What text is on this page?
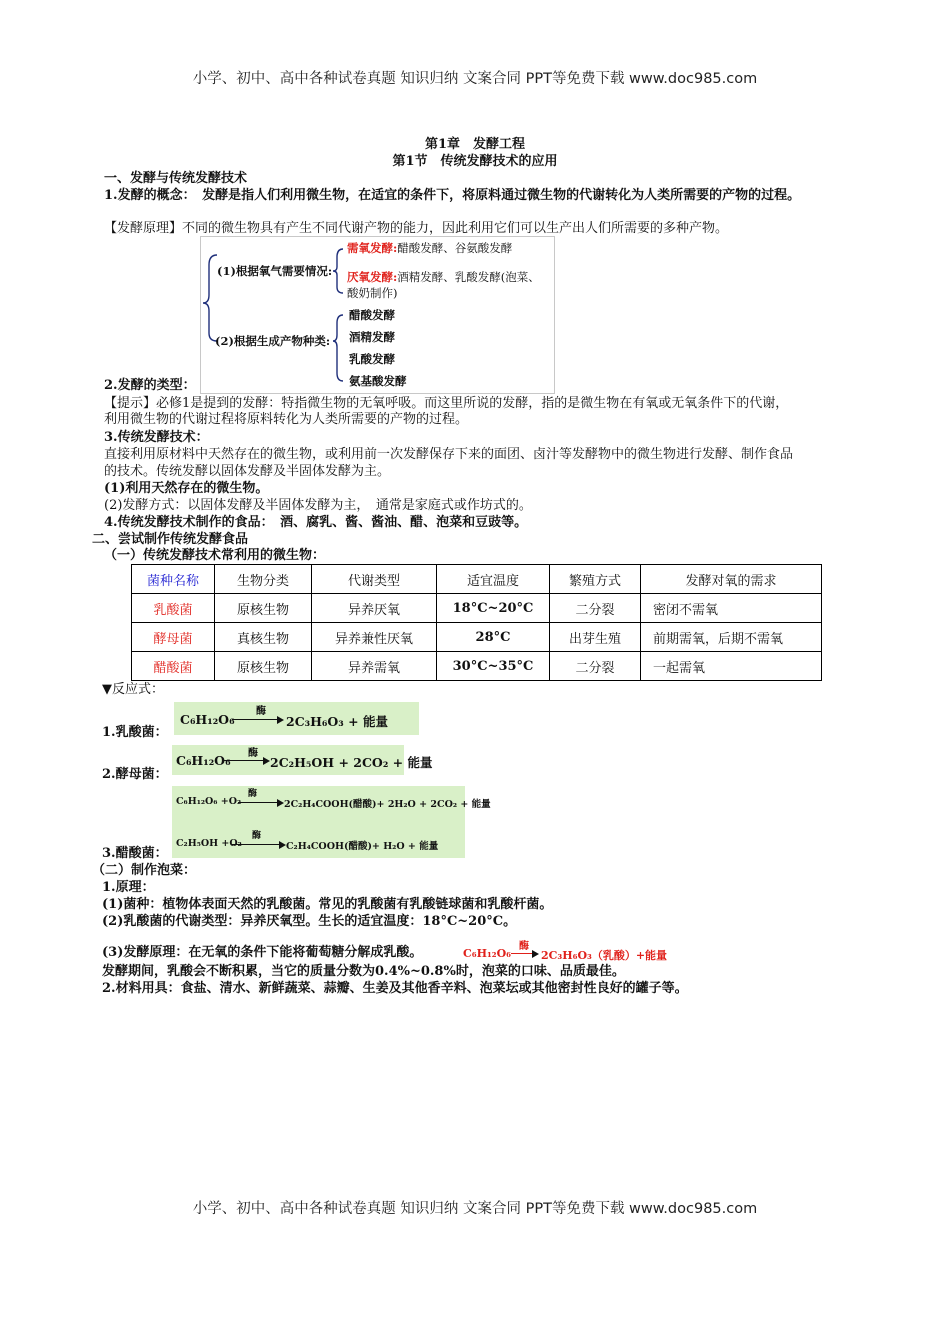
小学、初中、高中各种试卷真题 知识归纳 文案合同 PPT等免费下载 www.doc985.com
第1章　发酵工程
第1节　传统发酵技术的应用
一、发酵与传统发酵技术
1.发酵的概念：　发酵是指人们利用微生物，在适宜的条件下，将原料通过微生物的代谢转化为人类所需要的产物的过程。
【发酵原理】不同的微生物具有产生不同代谢产物的能力，因此利用它们可以生产出人们所需要的多种产物。
(1)根据氧气需要情况:
需氧发酵:醋酸发酵、谷氨酸发酵
厌氧发酵:酒精发酵、乳酸发酵(泡菜、
酸奶制作)
(2)根据生成产物种类:
醋酸发酵
酒精发酵
乳酸发酵
氨基酸发酵
2.发酵的类型：
【提示】必修1是提到的发酵：特指微生物的无氧呼吸。而这里所说的发酵，指的是微生物在有氧或无氧条件下的代谢，
利用微生物的代谢过程将原料转化为人类所需要的产物的过程。
3.传统发酵技术：
直接利用原材料中天然存在的微生物，或利用前一次发酵保存下来的面团、卤汁等发酵物中的微生物进行发酵、制作食品
的技术。传统发酵以固体发酵及半固体发酵为主。
(1)利用天然存在的微生物。
(2)发酵方式：以固体发酵及半固体发酵为主，　通常是家庭式或作坊式的。
4.传统发酵技术制作的食品：　酒、腐乳、酱、酱油、醋、泡菜和豆豉等。
二、尝试制作传统发酵食品
（一）传统发酵技术常利用的微生物：
菌种名称	生物分类	代谢类型	适宜温度	繁殖方式	发酵对氧的需求
乳酸菌	原核生物	异养厌氧	18°C~20°C	二分裂	密闭不需氧
酵母菌	真核生物	异养兼性厌氧	28°C	出芽生殖	前期需氧，后期不需氧
醋酸菌	原核生物	异养需氧	30°C~35°C	二分裂	一起需氧
▼反应式：
1.乳酸菌：
C₆H₁₂O₆
酶
→ 2C₃H₆O₃ + 能量
2.酵母菌：
C₆H₁₂O₆ 酶
→ 2C₂H₅OH + 2CO₂ + 能量
3.醋酸菌：
C₆H₁₂O₆ +O₂
酶
2C₂H₄COOH(醋酸)+ 2H₂O + 2CO₂ + 能量
C₂H₅OH +O₂
酶
C₂H₄COOH(醋酸)+ H₂O + 能量
（二）制作泡菜：
1.原理：
(1)菌种：植物体表面天然的乳酸菌。常见的乳酸菌有乳酸链球菌和乳酸杆菌。
(2)乳酸菌的代谢类型：异养厌氧型。生长的适宜温度：18°C~20°C。
(3)发酵原理：在无氧的条件下能将葡萄糖分解成乳酸。	C₆H₁₂O₆
酶
→ 2C₃H₆O₃（乳酸）+能量
发酵期间，乳酸会不断积累，当它的质量分数为0.4%~0.8%时，泡菜的口味、品质最佳。
2.材料用具：食盐、清水、新鲜蔬菜、蒜瓣、生姜及其他香辛料、泡菜坛或其他密封性良好的罐子等。
小学、初中、高中各种试卷真题 知识归纳 文案合同 PPT等免费下载 www.doc985.com
